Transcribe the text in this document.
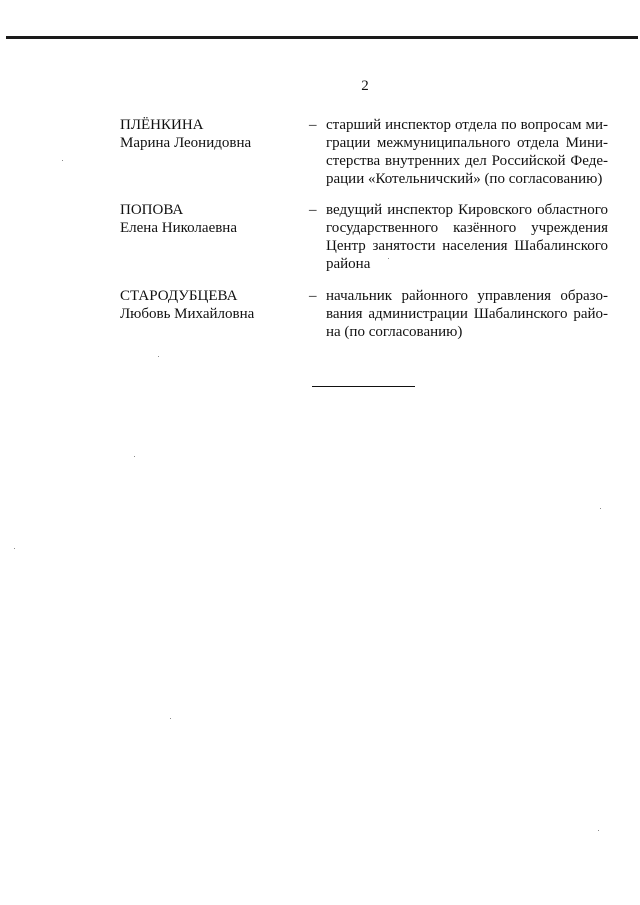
2
ПЛЁНКИНА
Марина Леонидовна
– старший инспектор отдела по вопросам ми-
грации межмуниципального отдела Мини-
стерства внутренних дел Российской Феде-
рации «Котельничский» (по согласованию)
ПОПОВА
Елена Николаевна
– ведущий инспектор Кировского областного
государственного казённого учреждения
Центр занятости населения Шабалинского
района
СТАРОДУБЦЕВА
Любовь Михайловна
– начальник районного управления образо-
вания администрации Шабалинского райо-
на (по согласованию)
